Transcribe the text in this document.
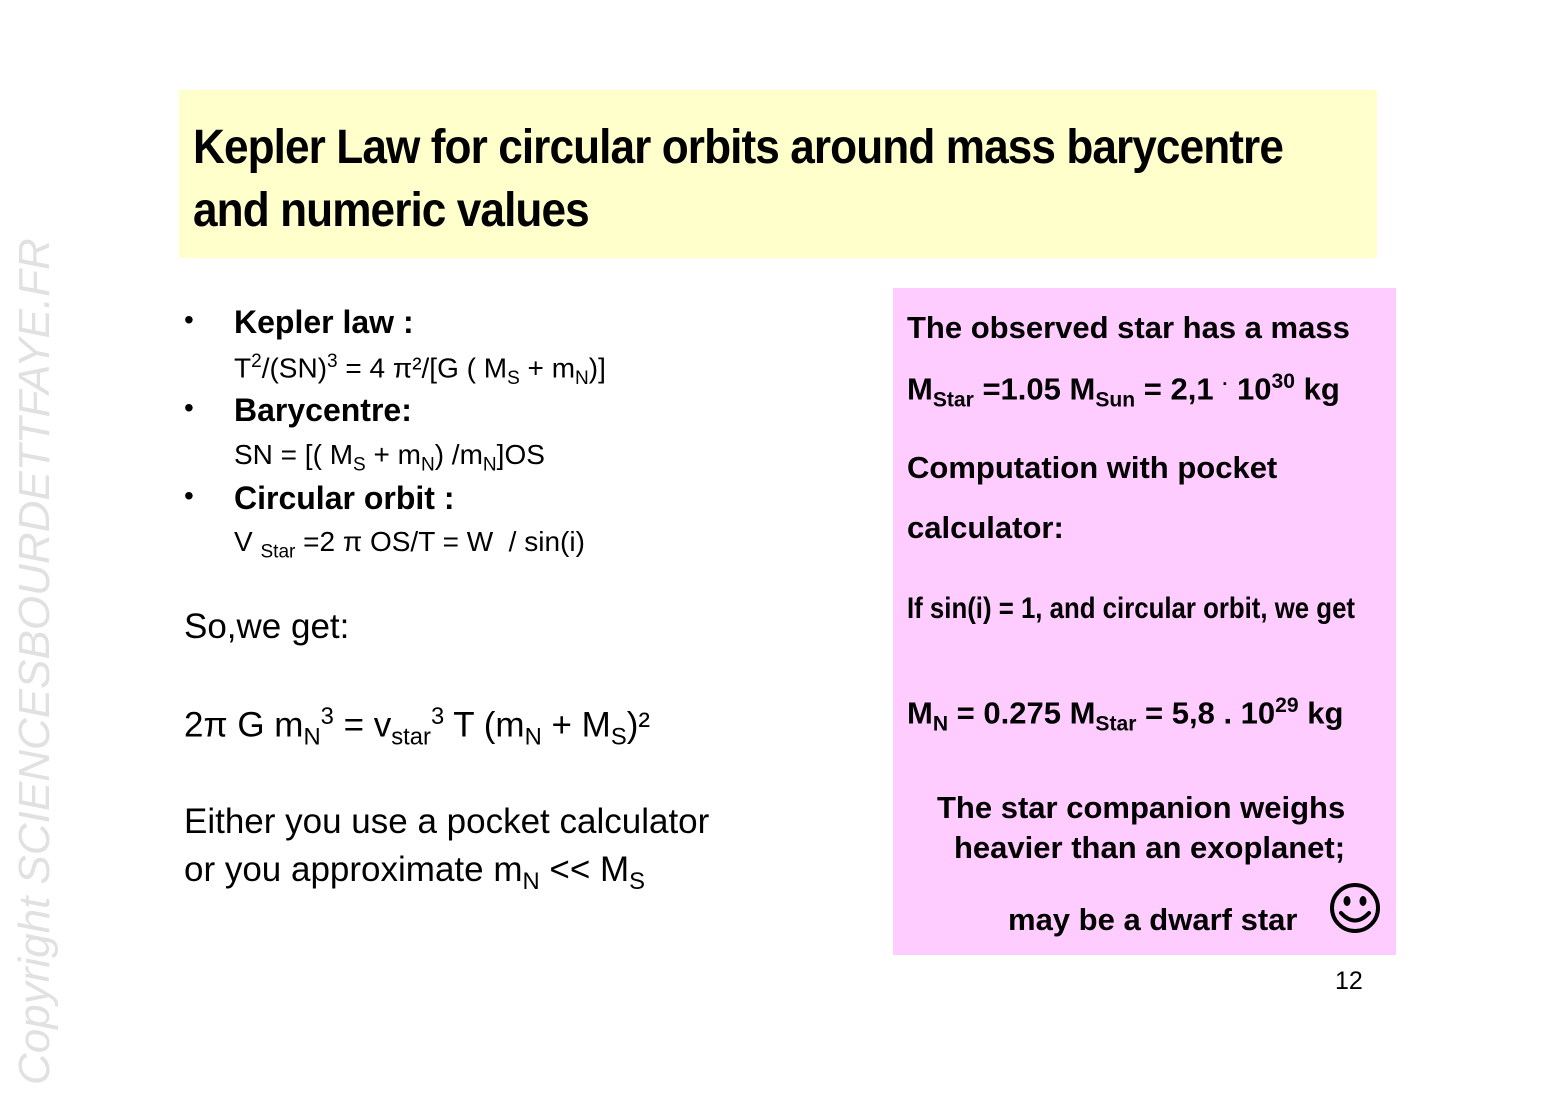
Copyright SCIENCESBOURDETTFAYE.FR
Kepler Law for circular orbits around mass barycentre
and numeric values
• Kepler law :
$T^2/(SN)^3 = 4$ π²/[G ( $M_S + m_N$)]
• Barycentre:
SN = [( $M_S + m_N$) $/m_N]OS$
• Circular orbit :
V $_{Star}$ =2 π OS/T = W  / sin(i)
So,we get:
2π G $m_N^3 = v_{star}^3$ T $(m_N + M_S)^2$
Either you use a pocket calculator
or you approximate $m_N << M_S$
The observed star has a mass
$M_{Star} =1.05$ $M_{Sun} = 2,1$ · $10^{30}$ kg
Computation with pocket
calculator:
If sin(i) = 1, and circular orbit, we get
$M_N = 0.275$ $M_{Star} = 5,8$ . $10^{29}$ kg
The star companion weighs
heavier than an exoplanet;
may be a dwarf star
12
